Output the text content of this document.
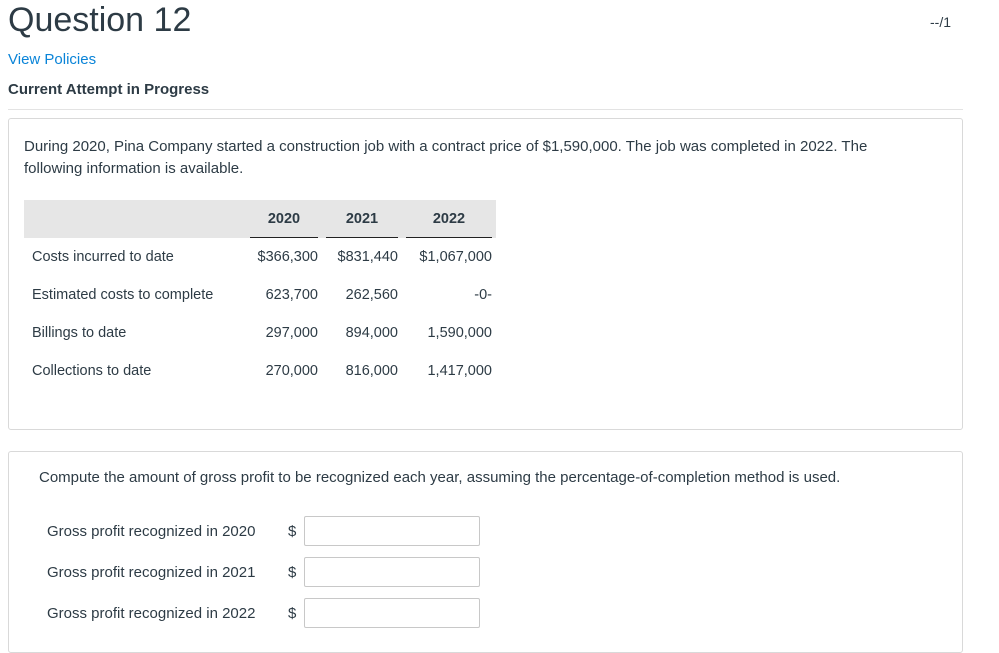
Question 12	--/1
View Policies
Current Attempt in Progress
During 2020, Pina Company started a construction job with a contract price of $1,590,000. The job was completed in 2022. The following information is available.

	2020	2021	2022

Costs incurred to date	$366,300	$831,440	$1,067,000
Estimated costs to complete	623,700	262,560	-0-
Billings to date	297,000	894,000	1,590,000
Collections to date	270,000	816,000	1,417,000
Compute the amount of gross profit to be recognized each year, assuming the percentage-of-completion method is used.
Gross profit recognized in 2020	$
Gross profit recognized in 2021	$
Gross profit recognized in 2022	$
